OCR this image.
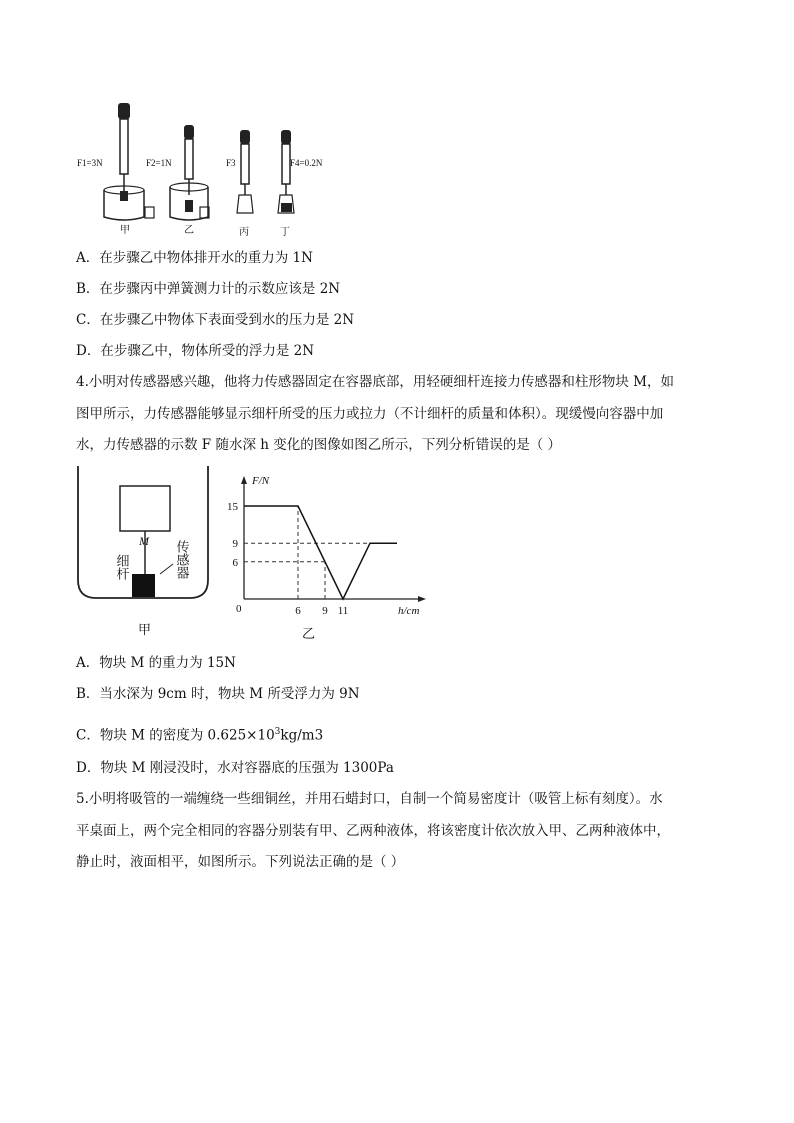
F1=3N	F2=1N	F3	F4=0.2N
甲	乙	丙	丁
A．在步骤乙中物体排开水的重力为 1N
B．在步骤丙中弹簧测力计的示数应该是 2N
C．在步骤乙中物体下表面受到水的压力是 2N
D．在步骤乙中，物体所受的浮力是 2N
4.小明对传感器感兴趣，他将力传感器固定在容器底部，用轻硬细杆连接力传感器和柱形物块 M，如
图甲所示，力传感器能够显示细杆所受的压力或拉力（不计细杆的质量和体积）。现缓慢向容器中加
水，力传感器的示数 F 随水深 h 变化的图像如图乙所示，下列分析错误的是（ ）
M
细杆	传感器
甲
F/N
h/cm
0
乙
15
9
6
6 9 11
A．物块 M 的重力为 15N
B．当水深为 9cm 时，物块 M 所受浮力为 9N
C．物块 M 的密度为 $0.625\times 10^3kg/m3$
D．物块 M 刚浸没时，水对容器底的压强为 1300Pa
5.小明将吸管的一端缠绕一些细铜丝，并用石蜡封口，自制一个简易密度计（吸管上标有刻度）。水
平桌面上，两个完全相同的容器分别装有甲、乙两种液体，将该密度计依次放入甲、乙两种液体中，
静止时，液面相平，如图所示。下列说法正确的是（ ）
